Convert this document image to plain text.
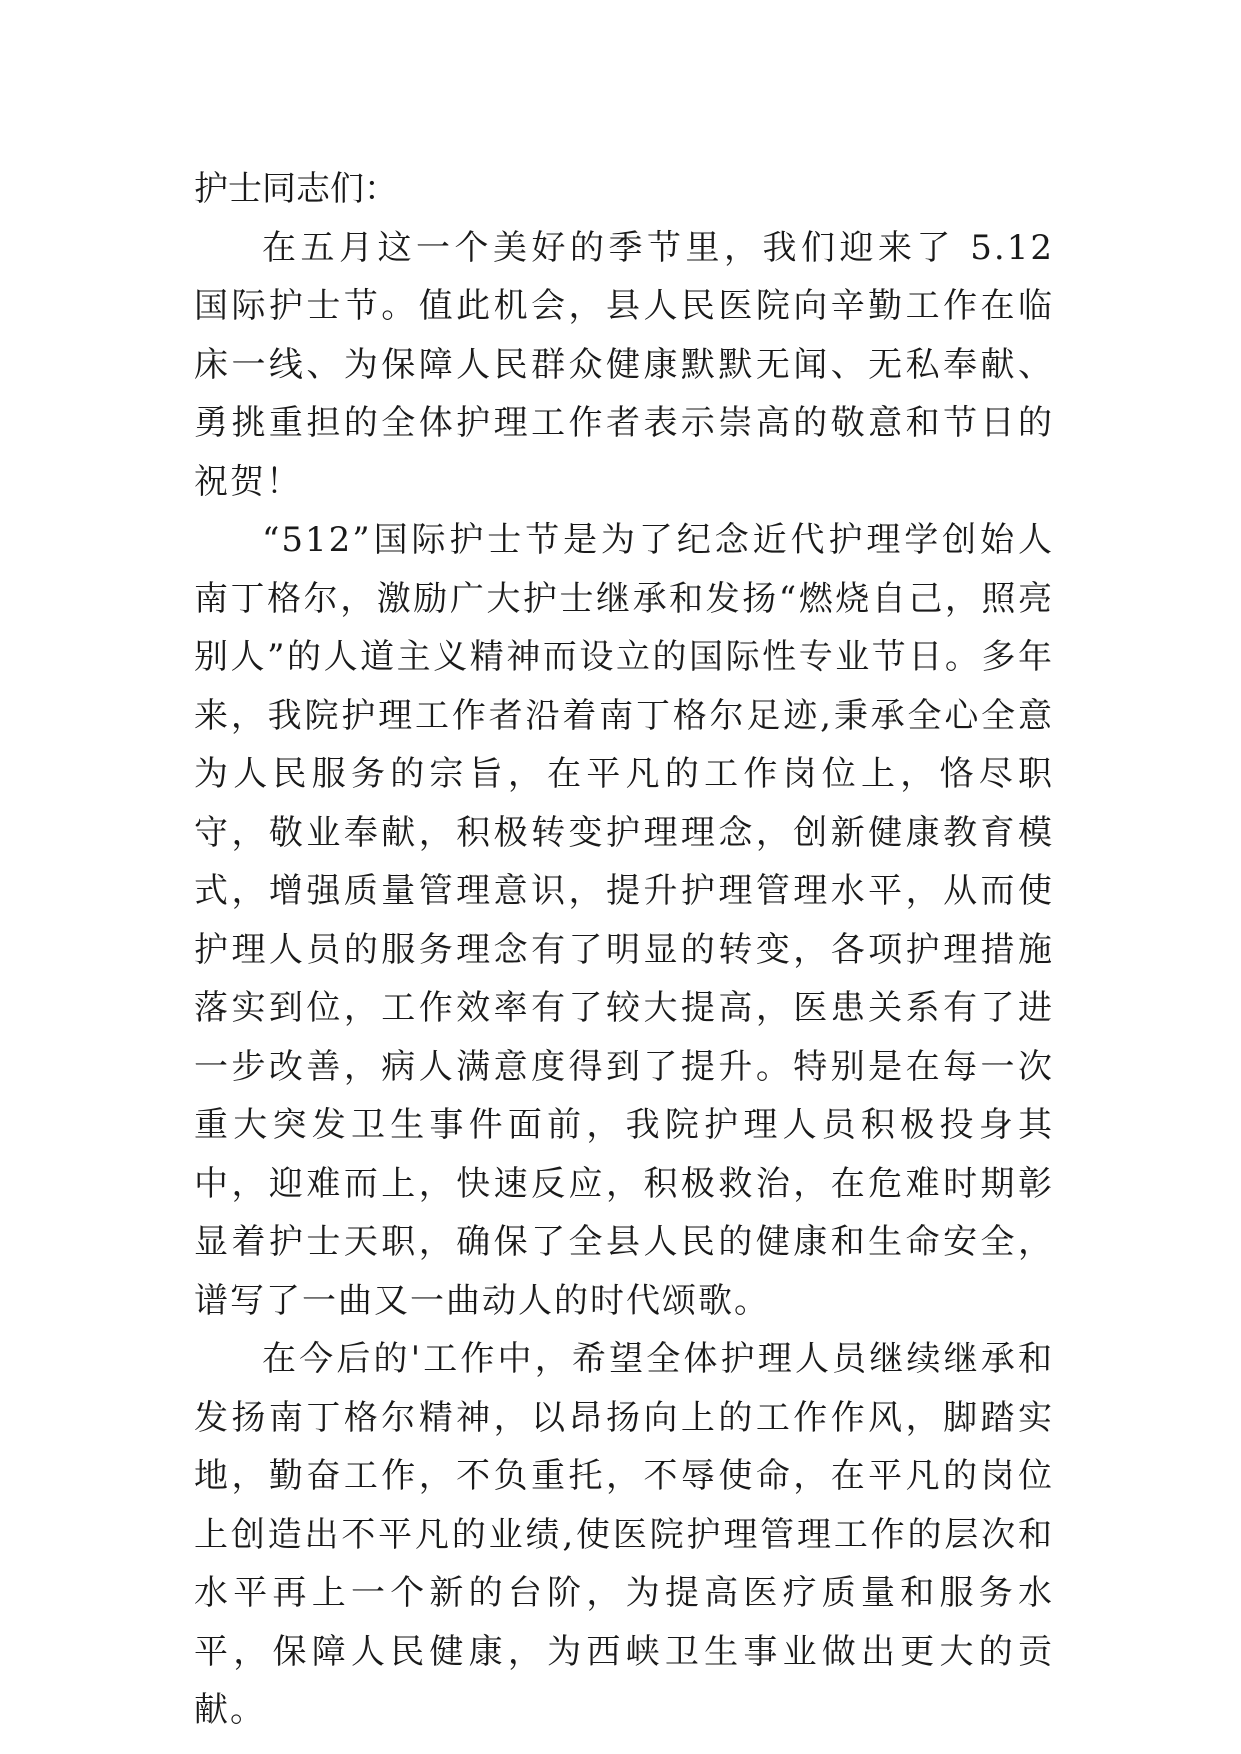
护士同志们：

在五月这一个美好的季节里，我们迎来了 5.12 国际护士节。值此机会，县人民医院向辛勤工作在临床一线、为保障人民群众健康默默无闻、无私奉献、勇挑重担的全体护理工作者表示崇高的敬意和节日的祝贺！

“512”国际护士节是为了纪念近代护理学创始人南丁格尔，激励广大护士继承和发扬“燃烧自己，照亮别人”的人道主义精神而设立的国际性专业节日。多年来，我院护理工作者沿着南丁格尔足迹,秉承全心全意为人民服务的宗旨，在平凡的工作岗位上，恪尽职守，敬业奉献，积极转变护理理念，创新健康教育模式，增强质量管理意识，提升护理管理水平，从而使护理人员的服务理念有了明显的转变，各项护理措施落实到位，工作效率有了较大提高，医患关系有了进一步改善，病人满意度得到了提升。特别是在每一次重大突发卫生事件面前，我院护理人员积极投身其中，迎难而上，快速反应，积极救治，在危难时期彰显着护士天职，确保了全县人民的健康和生命安全，谱写了一曲又一曲动人的时代颂歌。

在今后的'工作中，希望全体护理人员继续继承和发扬南丁格尔精神，以昂扬向上的工作作风，脚踏实地，勤奋工作，不负重托，不辱使命，在平凡的岗位上创造出不平凡的业绩,使医院护理管理工作的层次和水平再上一个新的台阶，为提高医疗质量和服务水平，保障人民健康，为西峡卫生事业做出更大的贡献。
